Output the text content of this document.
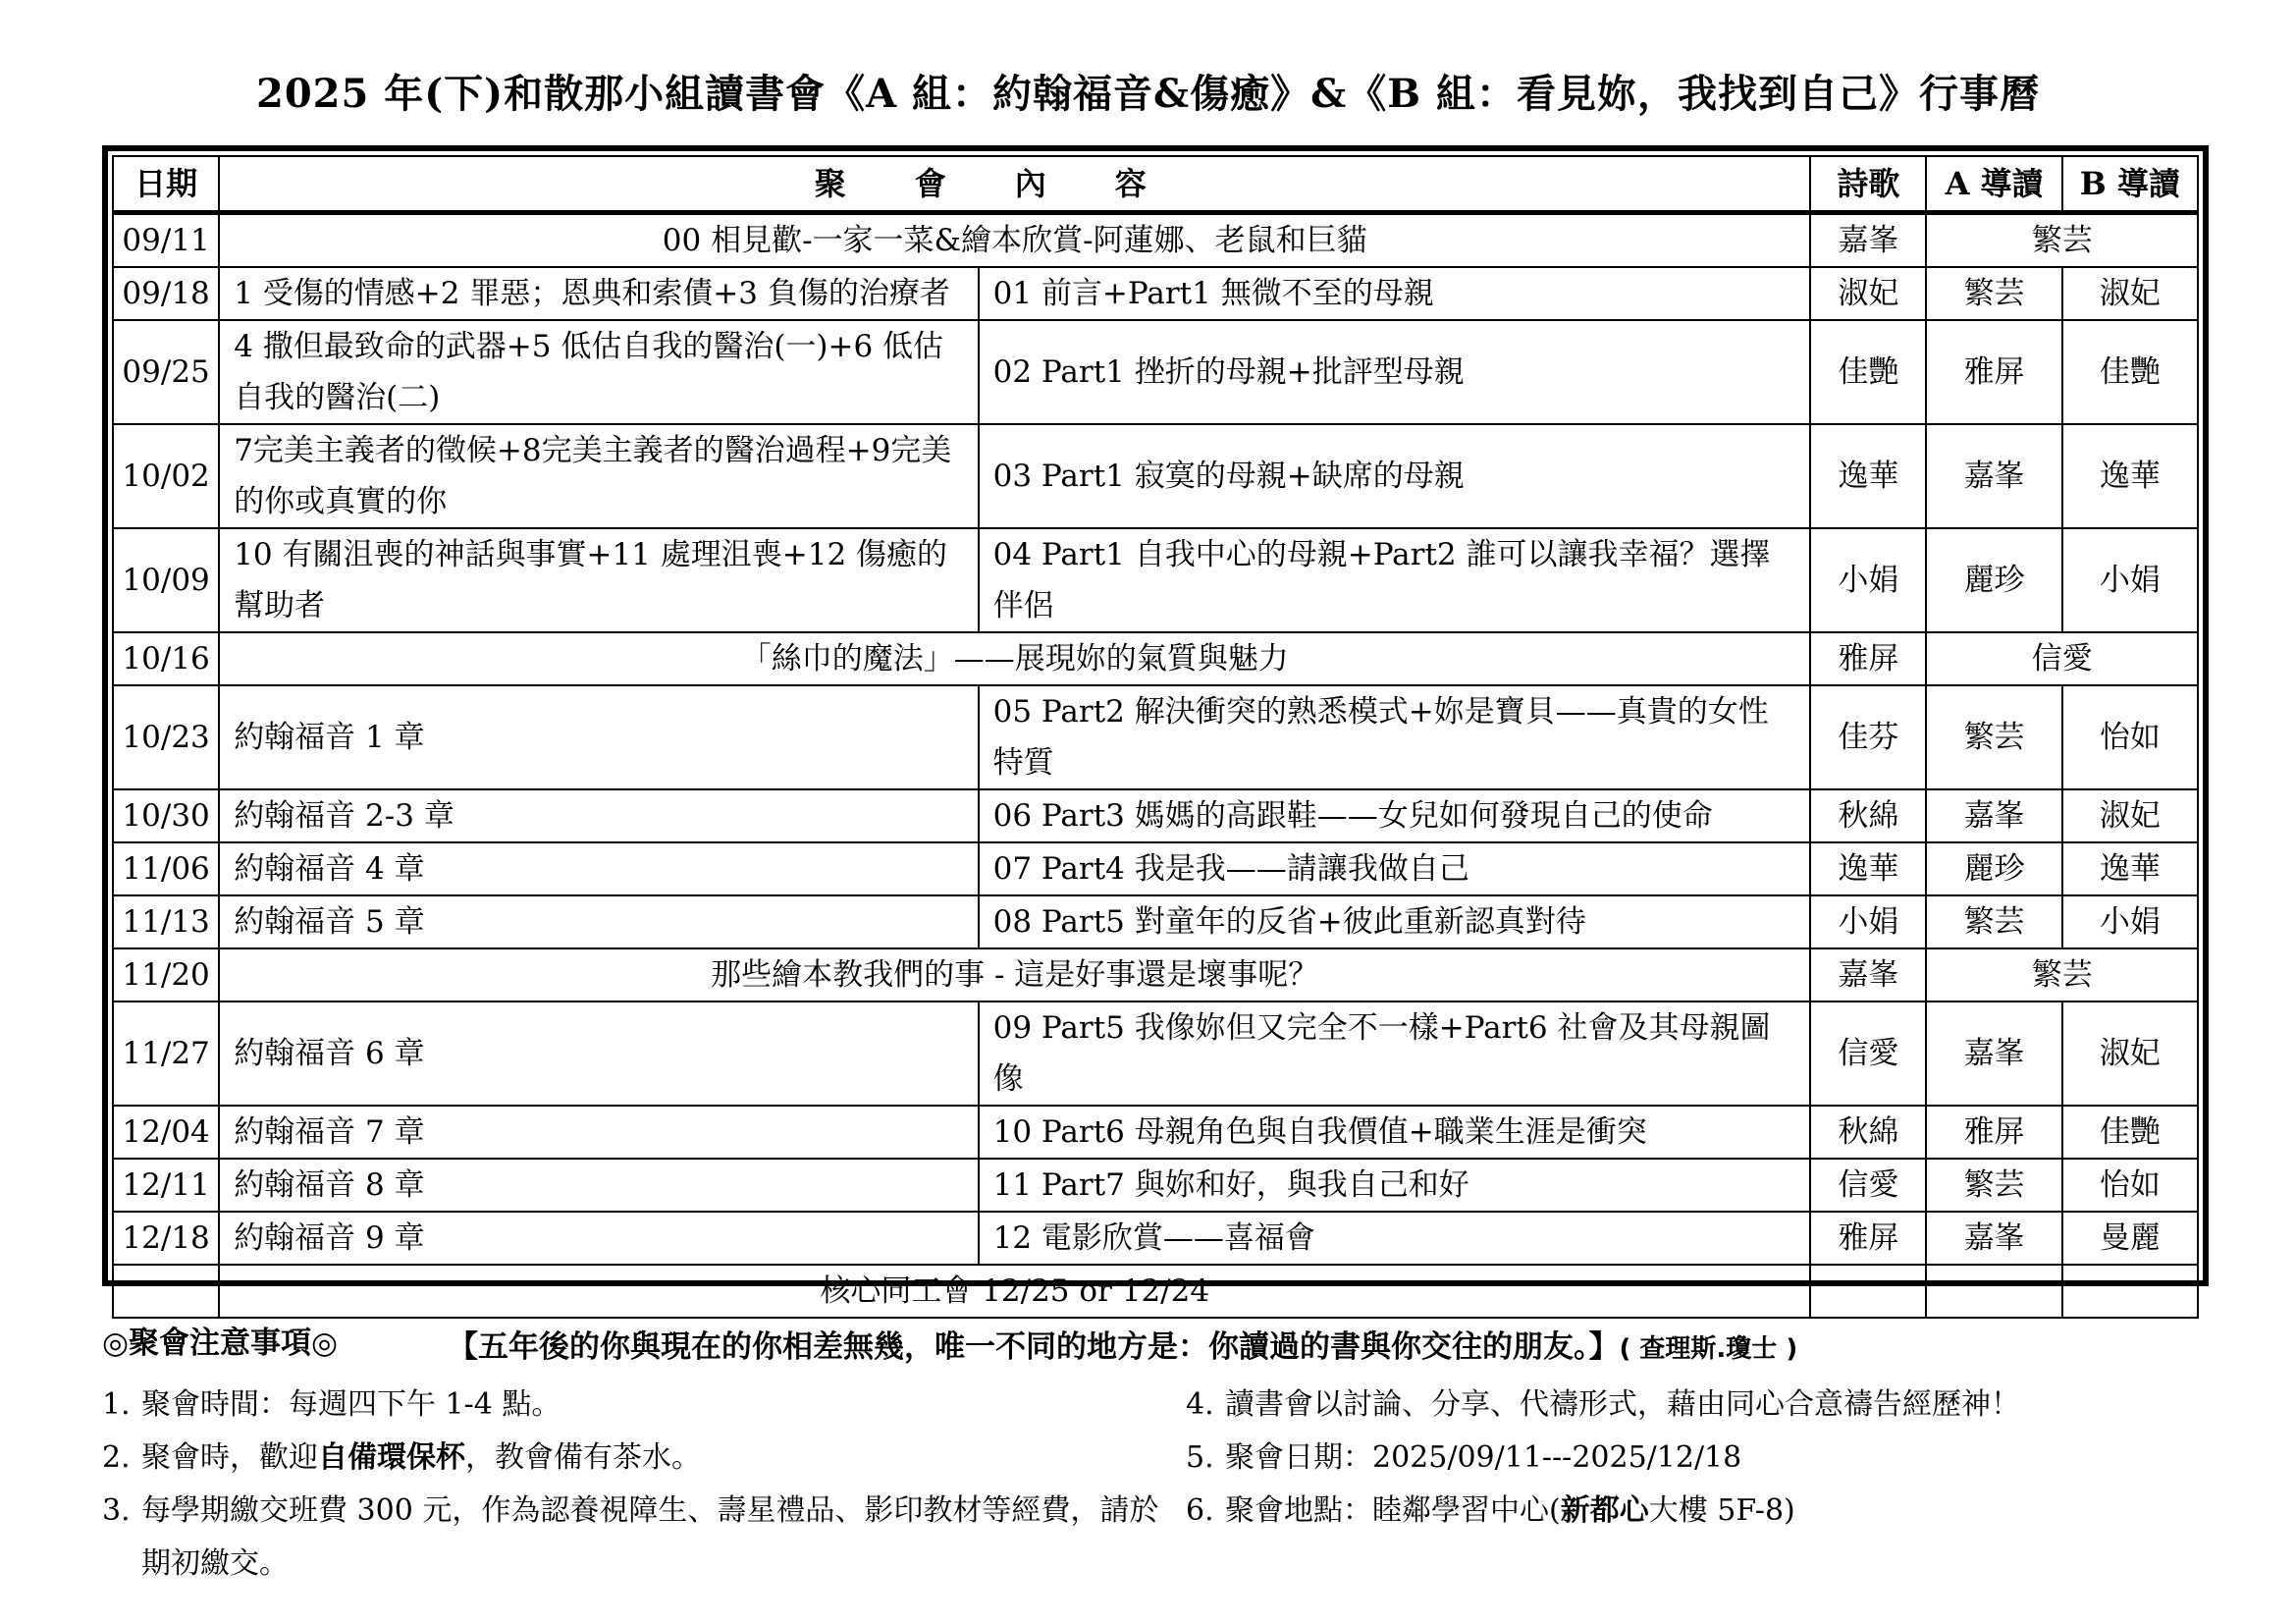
2025 年(下)和散那小組讀書會《A 組：約翰福音&傷癒》&《B 組：看見妳，我找到自己》行事曆
日期	聚會內容		詩歌	A 導讀	B 導讀
09/11	00 相見歡-一家一菜&繪本欣賞-阿蓮娜、老鼠和巨貓		嘉峯	繁芸	
09/18	1 受傷的情感+2 罪惡；恩典和索債+3 負傷的治療者	01 前言+Part1 無微不至的母親	淑妃	繁芸	淑妃
09/25	4 撒但最致命的武器+5 低估自我的醫治(一)+6 低估自我的醫治(二)	02 Part1 挫折的母親+批評型母親	佳艷	雅屏	佳艷
10/02	7完美主義者的徵候+8完美主義者的醫治過程+9完美的你或真實的你	03 Part1 寂寞的母親+缺席的母親	逸華	嘉峯	逸華
10/09	10 有關沮喪的神話與事實+11 處理沮喪+12 傷癒的幫助者	04 Part1 自我中心的母親+Part2 誰可以讓我幸福？選擇伴侶	小娟	麗珍	小娟
10/16	「絲巾的魔法」——展現妳的氣質與魅力		雅屏	信愛	
10/23	約翰福音 1 章	05 Part2 解決衝突的熟悉模式+妳是寶貝——真貴的女性特質	佳芬	繁芸	怡如
10/30	約翰福音 2-3 章	06 Part3 媽媽的高跟鞋——女兒如何發現自己的使命	秋綿	嘉峯	淑妃
11/06	約翰福音 4 章	07 Part4 我是我——請讓我做自己	逸華	麗珍	逸華
11/13	約翰福音 5 章	08 Part5 對童年的反省+彼此重新認真對待	小娟	繁芸	小娟
11/20	那些繪本教我們的事 - 這是好事還是壞事呢？		嘉峯	繁芸	
11/27	約翰福音 6 章	09 Part5 我像妳但又完全不一樣+Part6 社會及其母親圖像	信愛	嘉峯	淑妃
12/04	約翰福音 7 章	10 Part6 母親角色與自我價值+職業生涯是衝突	秋綿	雅屏	佳艷
12/11	約翰福音 8 章	11 Part7 與妳和好，與我自己和好	信愛	繁芸	怡如
12/18	約翰福音 9 章	12 電影欣賞——喜福會	雅屏	嘉峯	曼麗
	核心同工會 12/25 or 12/24				
◎聚會注意事項◎	【五年後的你與現在的你相差無幾，唯一不同的地方是：你讀過的書與你交往的朋友。】( 查理斯.瓊士 )
1. 聚會時間：每週四下午 1-4 點。
2. 聚會時，歡迎自備環保杯，教會備有茶水。
3. 每學期繳交班費 300 元，作為認養視障生、壽星禮品、影印教材等經費，請於期初繳交。
4. 讀書會以討論、分享、代禱形式，藉由同心合意禱告經歷神！
5. 聚會日期：2025/09/11---2025/12/18
6. 聚會地點：睦鄰學習中心(新都心大樓 5F-8)
